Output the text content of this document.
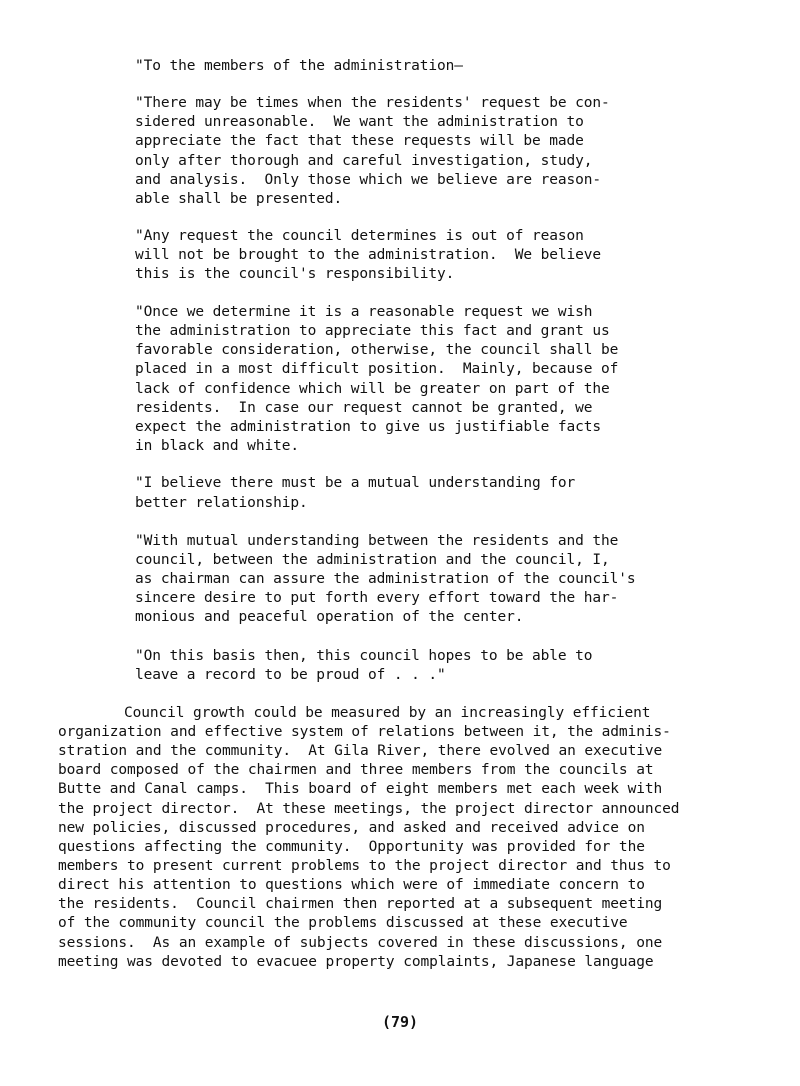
"To the members of the administration—
"There may be times when the residents' request be con-
sidered unreasonable.  We want the administration to
appreciate the fact that these requests will be made
only after thorough and careful investigation, study,
and analysis.  Only those which we believe are reason-
able shall be presented.
"Any request the council determines is out of reason
will not be brought to the administration.  We believe
this is the council's responsibility.
"Once we determine it is a reasonable request we wish
the administration to appreciate this fact and grant us
favorable consideration, otherwise, the council shall be
placed in a most difficult position.  Mainly, because of
lack of confidence which will be greater on part of the
residents.  In case our request cannot be granted, we
expect the administration to give us justifiable facts
in black and white.
"I believe there must be a mutual understanding for
better relationship.
"With mutual understanding between the residents and the
council, between the administration and the council, I,
as chairman can assure the administration of the council's
sincere desire to put forth every effort toward the har-
monious and peaceful operation of the center.
"On this basis then, this council hopes to be able to
leave a record to be proud of . . ."
Council growth could be measured by an increasingly efficient
organization and effective system of relations between it, the adminis-
stration and the community.  At Gila River, there evolved an executive
board composed of the chairmen and three members from the councils at
Butte and Canal camps.  This board of eight members met each week with
the project director.  At these meetings, the project director announced
new policies, discussed procedures, and asked and received advice on
questions affecting the community.  Opportunity was provided for the
members to present current problems to the project director and thus to
direct his attention to questions which were of immediate concern to
the residents.  Council chairmen then reported at a subsequent meeting
of the community council the problems discussed at these executive
sessions.  As an example of subjects covered in these discussions, one
meeting was devoted to evacuee property complaints, Japanese language
(79)
